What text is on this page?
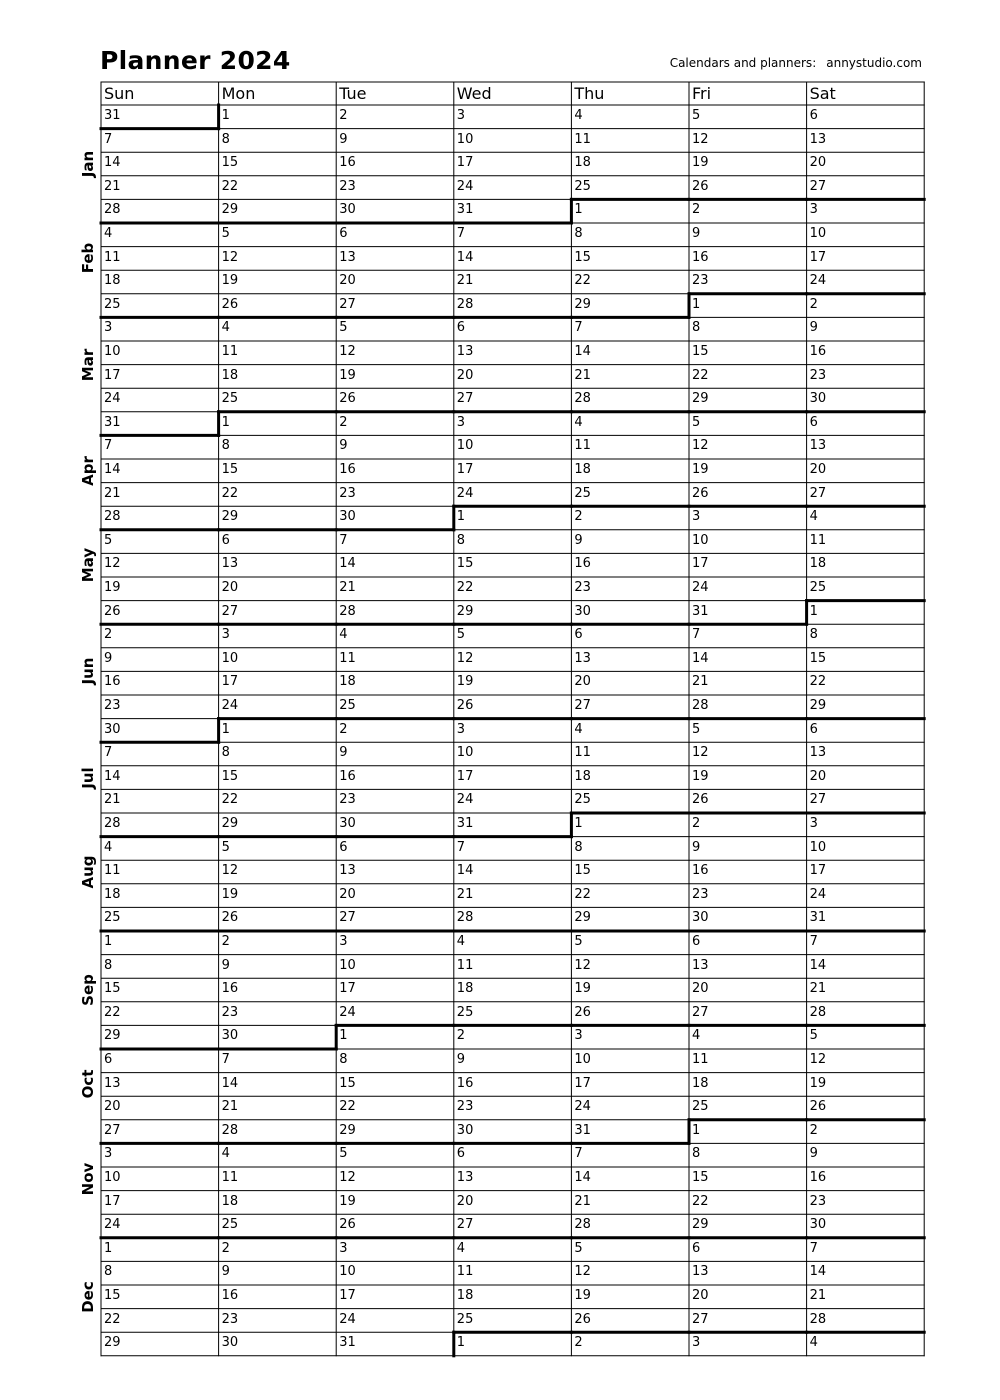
Planner 2024	Calendars and planners: annystudio.com
Sun	Mon	Tue	Wed	Thu	Fri	Sat
Jan
Feb
Mar
Apr
May
Jun
Jul
Aug
Sep
Oct
Nov
Dec
31	1	2	3	4	5	6
7	8	9	10	11	12	13
14	15	16	17	18	19	20
21	22	23	24	25	26	27
28	29	30	31	1	2	3
4	5	6	7	8	9	10
11	12	13	14	15	16	17
18	19	20	21	22	23	24
25	26	27	28	29	1	2
3	4	5	6	7	8	9
10	11	12	13	14	15	16
17	18	19	20	21	22	23
24	25	26	27	28	29	30
31	1	2	3	4	5	6
7	8	9	10	11	12	13
14	15	16	17	18	19	20
21	22	23	24	25	26	27
28	29	30	1	2	3	4
5	6	7	8	9	10	11
12	13	14	15	16	17	18
19	20	21	22	23	24	25
26	27	28	29	30	31	1
2	3	4	5	6	7	8
9	10	11	12	13	14	15
16	17	18	19	20	21	22
23	24	25	26	27	28	29
30	1	2	3	4	5	6
7	8	9	10	11	12	13
14	15	16	17	18	19	20
21	22	23	24	25	26	27
28	29	30	31	1	2	3
4	5	6	7	8	9	10
11	12	13	14	15	16	17
18	19	20	21	22	23	24
25	26	27	28	29	30	31
1	2	3	4	5	6	7
8	9	10	11	12	13	14
15	16	17	18	19	20	21
22	23	24	25	26	27	28
29	30	1	2	3	4	5
6	7	8	9	10	11	12
13	14	15	16	17	18	19
20	21	22	23	24	25	26
27	28	29	30	31	1	2
3	4	5	6	7	8	9
10	11	12	13	14	15	16
17	18	19	20	21	22	23
24	25	26	27	28	29	30
1	2	3	4	5	6	7
8	9	10	11	12	13	14
15	16	17	18	19	20	21
22	23	24	25	26	27	28
29	30	31	1	2	3	4
